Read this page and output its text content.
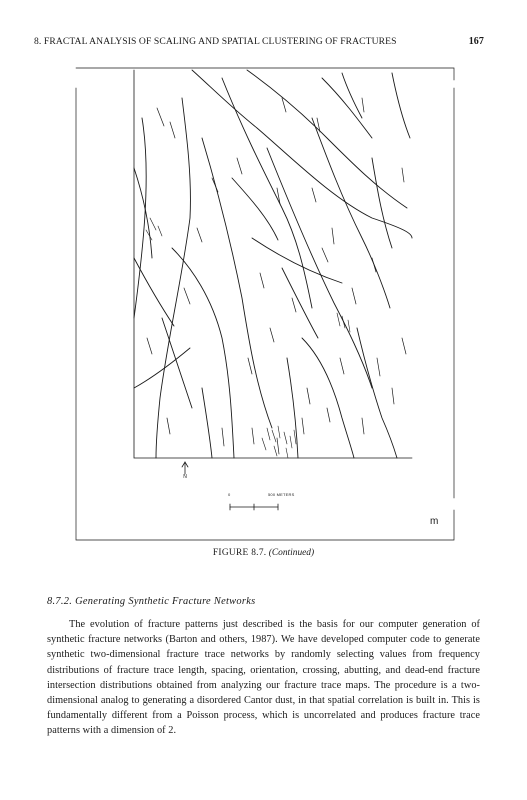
8. FRACTAL ANALYSIS OF SCALING AND SPATIAL CLUSTERING OF FRACTURES	167
N
0	500 METERS
m
FIGURE 8.7. (Continued)
8.7.2. Generating Synthetic Fracture Networks
The evolution of fracture patterns just described is the basis for our computer generation of synthetic fracture networks (Barton and others, 1987). We have developed computer code to generate synthetic two-dimensional fracture trace networks by randomly selecting values from frequency distributions of fracture trace length, spacing, orientation, crossing, abutting, and dead-end fracture intersection distributions obtained from analyzing our fracture trace maps. The procedure is a two-dimensional analog to generating a disordered Cantor dust, in that spatial correlation is built in. This is fundamentally different from a Poisson process, which is uncorrelated and produces fracture trace patterns with a dimension of 2.
